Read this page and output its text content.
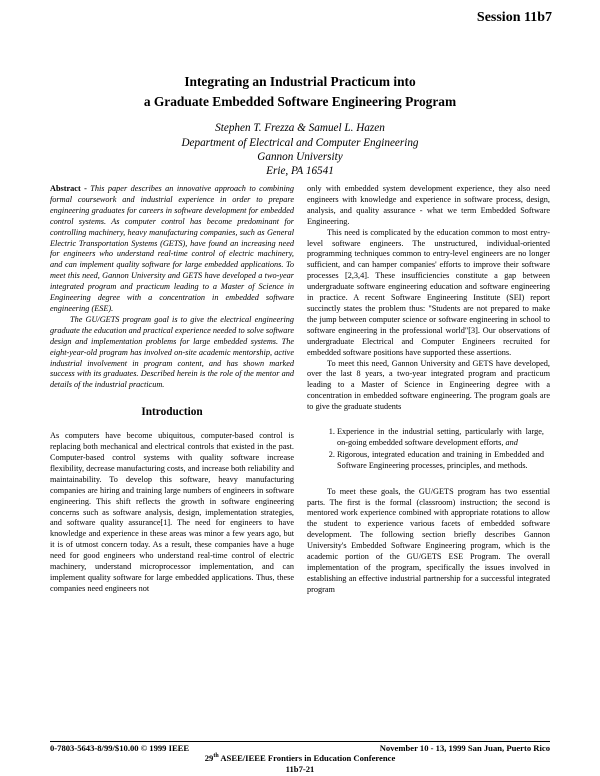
Session 11b7
Integrating an Industrial Practicum into
a Graduate Embedded Software Engineering Program
Stephen T. Frezza & Samuel L. Hazen
Department of Electrical and Computer Engineering
Gannon University
Erie, PA 16541

Abstract - This paper describes an innovative approach to combining formal coursework and industrial experience in order to prepare engineering graduates for careers in software development for embedded control systems. As computer control has become predominant for controlling machinery, heavy manufacturing companies, such as General Electric Transportation Systems (GETS), have found an increasing need for engineers who understand real-time control of electric machinery, and can implement quality software for large embedded applications. To meet this need, Gannon University and GETS have developed a two-year integrated program and practicum leading to a Master of Science in Engineering degree with a concentration in embedded software engineering (ESE).

The GU/GETS program goal is to give the electrical engineering graduate the education and practical experience needed to solve software design and implementation problems for large embedded systems. The eight-year-old program has involved on-site academic mentorship, active industrial involvement in program content, and has shown marked success with its graduates. Described herein is the role of the mentor and details of the industrial practicum.

Introduction

As computers have become ubiquitous, computer-based control is replacing both mechanical and electrical controls that existed in the past. Computer-based control systems with quality software increase flexibility, decrease manufacturing costs, and increase both reliability and maintainability. To develop this software, heavy manufacturing companies are hiring and training large numbers of engineers in software engineering. This shift reflects the growth in software engineering concerns such as software analysis, design, implementation strategies, and software quality assurance[1]. The need for engineers to have knowledge and experience in these areas was minor a few years ago, but it is of utmost concern today. As a result, these companies have a huge need for good engineers who understand real-time control of electric machinery, understand microprocessor implementation, and can implement quality software for large embedded applications. Thus, these companies need engineers not

only with embedded system development experience, they also need engineers with knowledge and experience in software process, design, analysis, and quality assurance - what we term Embedded Software Engineering.

This need is complicated by the education common to most entry-level software engineers. The unstructured, individual-oriented programming techniques common to entry-level engineers are no longer sufficient, and can hamper companies' efforts to improve their software processes [2,3,4]. These insufficiencies constitute a gap between undergraduate software engineering education and software engineering in practice. A recent Software Engineering Institute (SEI) report succinctly states the problem thus: "Students are not prepared to make the jump between computer science or software engineering in school to software engineering in the professional world"[3]. Our observations of undergraduate Electrical and Computer Engineers recruited for embedded software positions have supported these assertions.

To meet this need, Gannon University and GETS have developed, over the last 8 years, a two-year integrated program and practicum leading to a Master of Science in Engineering degree with a concentration in embedded software engineering. The program goals are to give the graduate students

1. Experience in the industrial setting, particularly with large, on-going embedded software development efforts, and
2. Rigorous, integrated education and training in Embedded and Software Engineering processes, principles, and methods.

To meet these goals, the GU/GETS program has two essential parts. The first is the formal (classroom) instruction; the second is mentored work experience combined with appropriate rotations to allow the student to experience various facets of embedded software development. The following section briefly describes Gannon University's Embedded Software Engineering program, which is the academic portion of the GU/GETS ESE Program. The overall implementation of the program, specifically the issues involved in establishing an effective industrial partnership for a successful integrated program

0-7803-5643-8/99/$10.00 © 1999 IEEE	November 10 - 13, 1999 San Juan, Puerto Rico
29th ASEE/IEEE Frontiers in Education Conference
11b7-21
